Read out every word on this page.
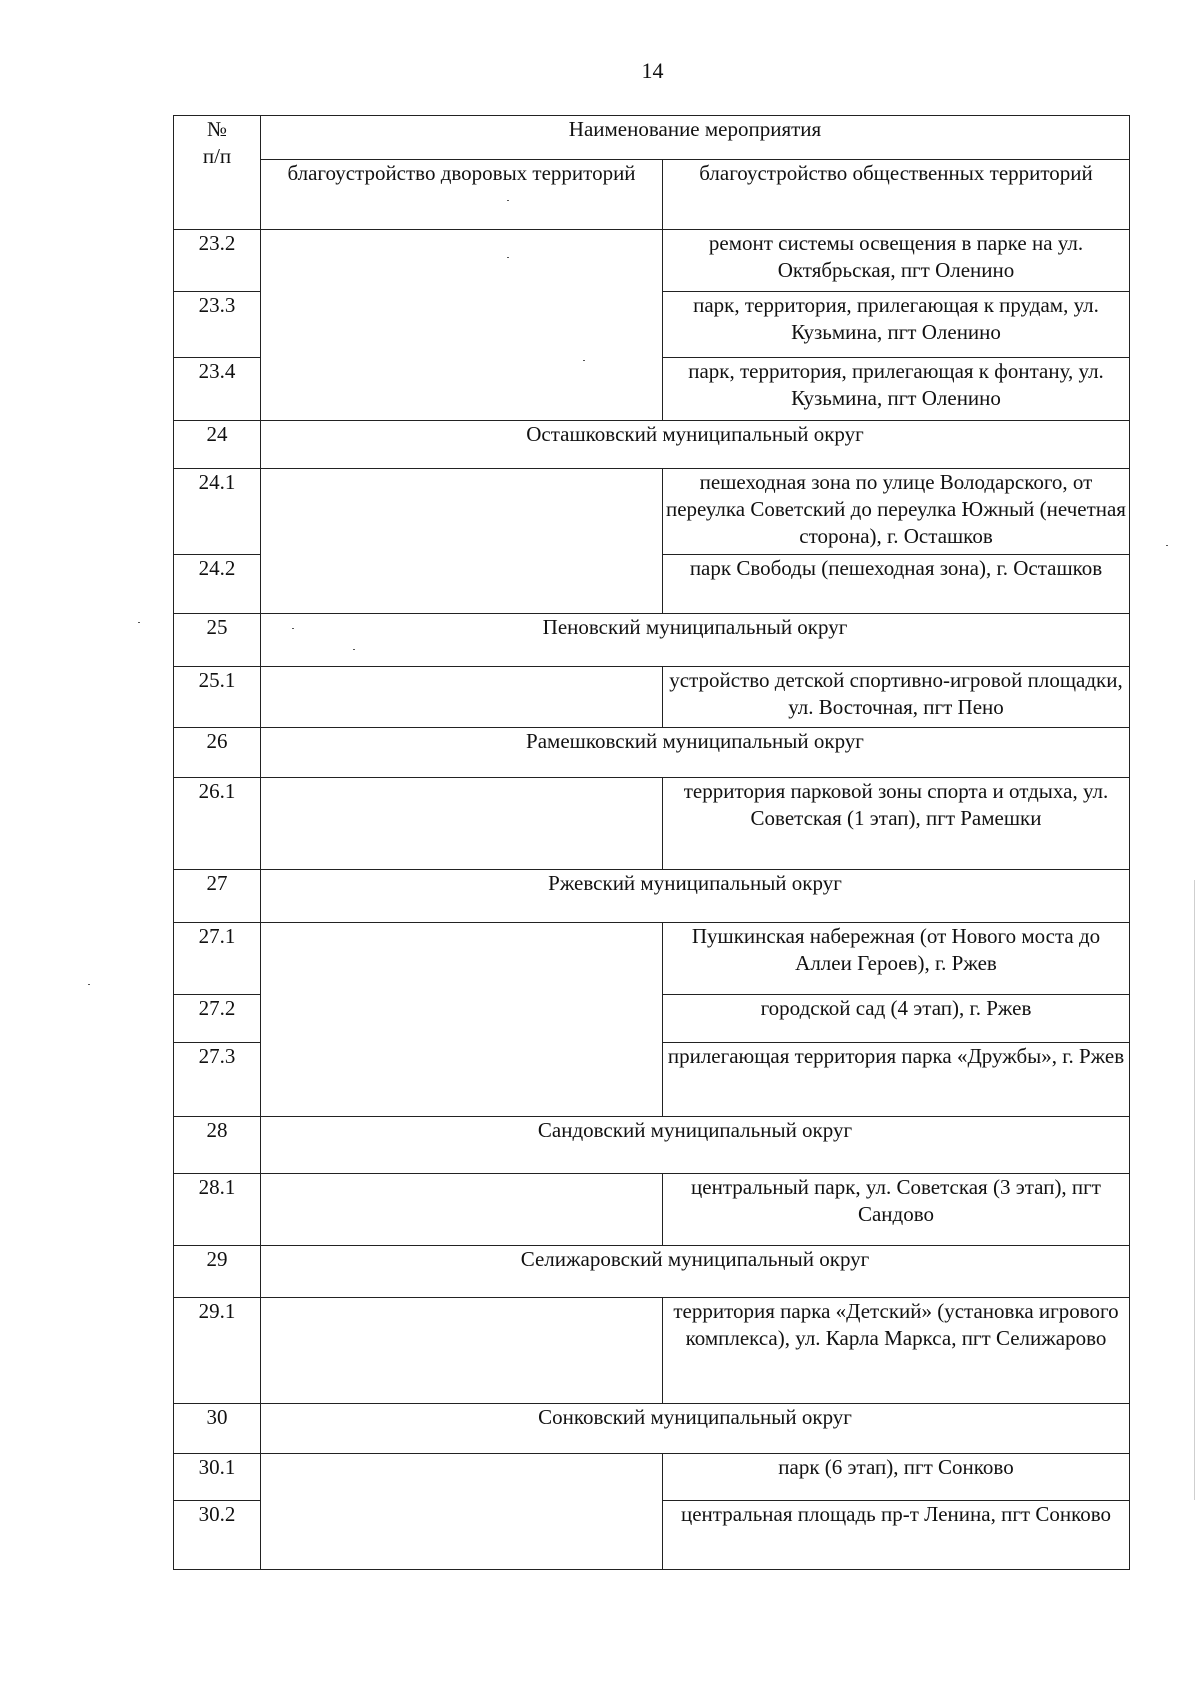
14
№
п/п	Наименование мероприятия	
	благоустройство дворовых территорий	благоустройство общественных территорий
23.2		ремонт системы освещения в парке на ул. Октябрьская, пгт Оленино
23.3		парк, территория, прилегающая к прудам, ул. Кузьмина, пгт Оленино
23.4		парк, территория, прилегающая к фонтану, ул. Кузьмина, пгт Оленино
24	Осташковский муниципальный округ	
24.1		пешеходная зона по улице Володарского, от переулка Советский до переулка Южный (нечетная сторона), г. Осташков
24.2		парк Свободы (пешеходная зона), г. Осташков
25	Пеновский муниципальный округ	
25.1		устройство детской спортивно-игровой площадки, ул. Восточная, пгт Пено
26	Рамешковский муниципальный округ	
26.1		территория парковой зоны спорта и отдыха, ул. Советская (1 этап), пгт Рамешки
27	Ржевский муниципальный округ	
27.1		Пушкинская набережная (от Нового моста до Аллеи Героев), г. Ржев
27.2		городской сад (4 этап), г. Ржев
27.3		прилегающая территория парка «Дружбы», г. Ржев
28	Сандовский муниципальный округ	
28.1		центральный парк, ул. Советская (3 этап), пгт Сандово
29	Селижаровский муниципальный округ	
29.1		территория парка «Детский» (установка игрового комплекса), ул. Карла Маркса, пгт Селижарово
30	Сонковский муниципальный округ	
30.1		парк (6 этап), пгт Сонково
30.2		центральная площадь пр-т Ленина, пгт Сонково
